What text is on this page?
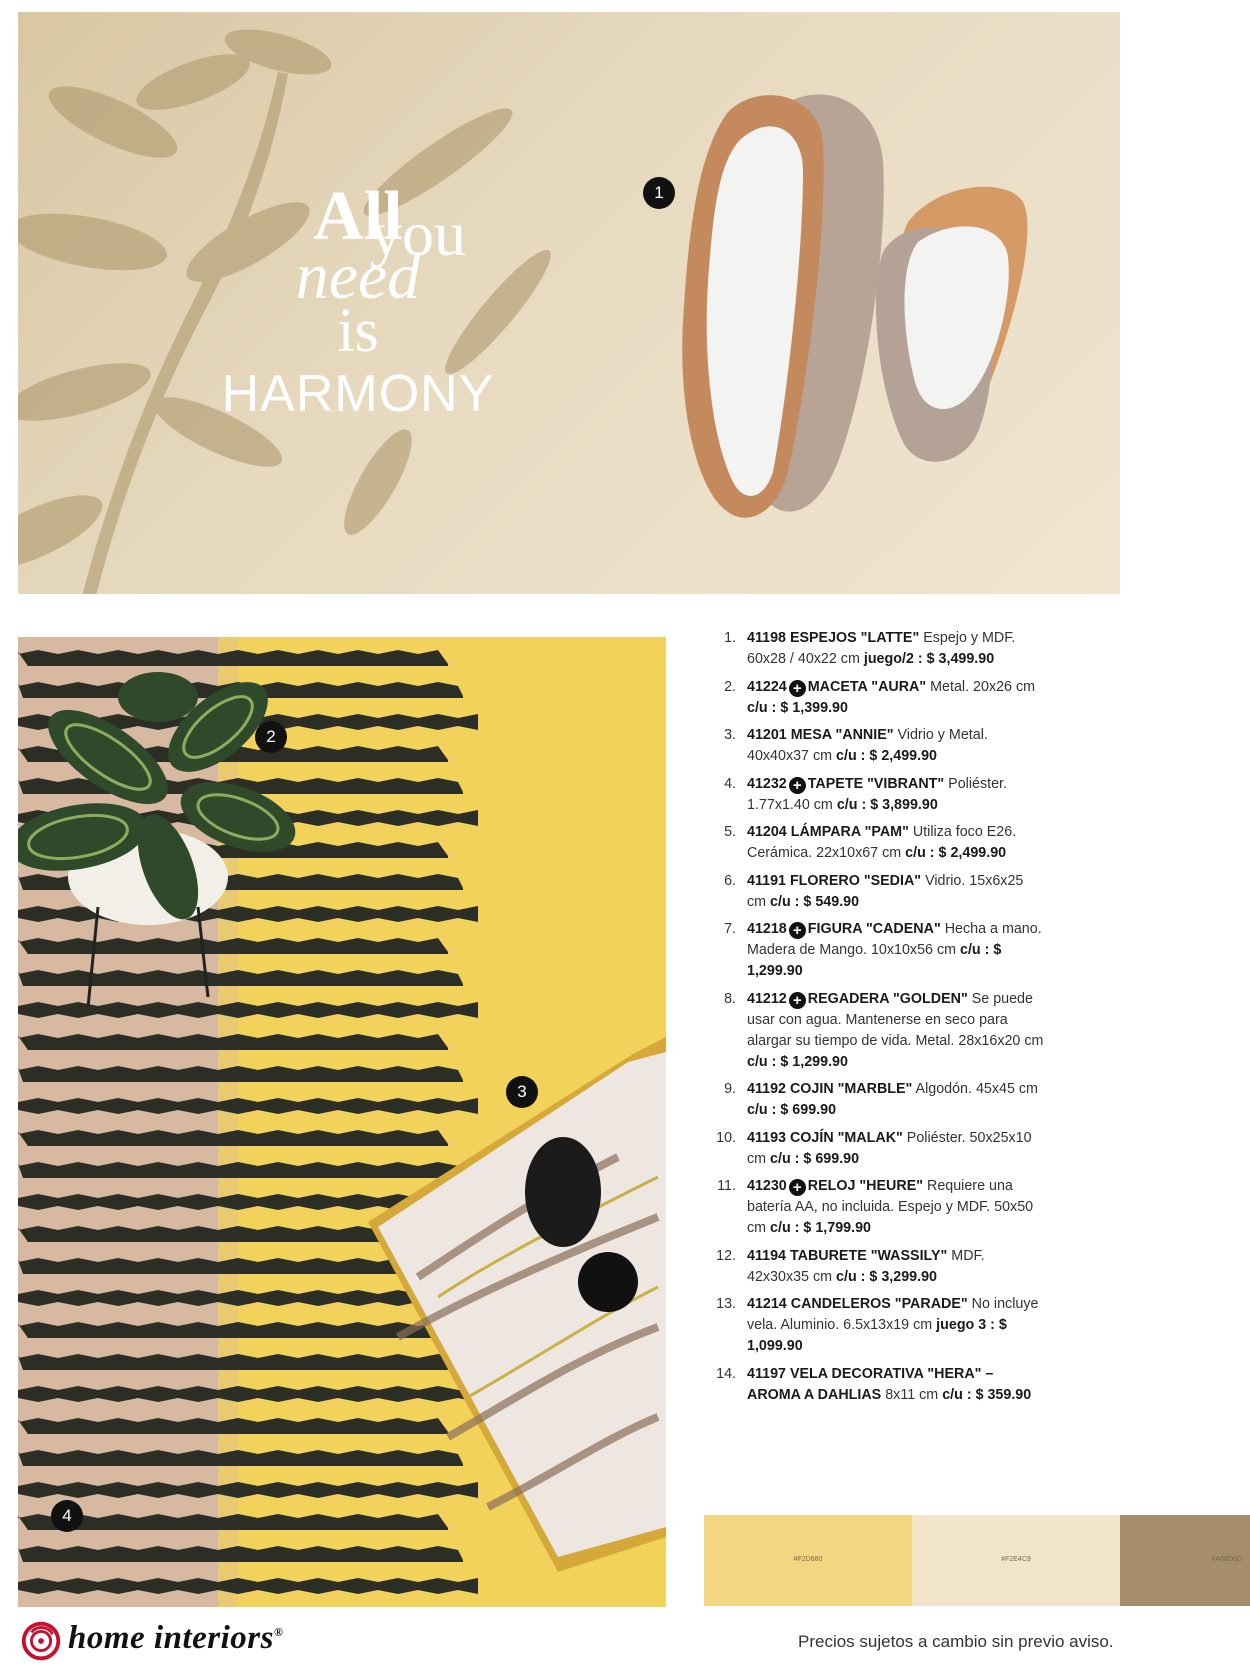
All
you
need
is
HARMONY
1
2
3
4
1. 41198 ESPEJOS "LATTE" Espejo y MDF. 60x28 / 40x22 cm juego/2 : $ 3,499.90
2. 41224 + MACETA "AURA" Metal. 20x26 cm c/u : $ 1,399.90
3. 41201 MESA "ANNIE" Vidrio y Metal. 40x40x37 cm c/u : $ 2,499.90
4. 41232 + TAPETE "VIBRANT" Poliéster. 1.77x1.40 cm c/u : $ 3,899.90
5. 41204 LÁMPARA "PAM" Utiliza foco E26. Cerámica. 22x10x67 cm c/u : $ 2,499.90
6. 41191 FLORERO "SEDIA" Vidrio. 15x6x25 cm c/u : $ 549.90
7. 41218 + FIGURA "CADENA" Hecha a mano. Madera de Mango. 10x10x56 cm c/u : $ 1,299.90
8. 41212 + REGADERA "GOLDEN" Se puede usar con agua. Mantenerse en seco para alargar su tiempo de vida. Metal. 28x16x20 cm c/u : $ 1,299.90
9. 41192 COJIN "MARBLE" Algodón. 45x45 cm c/u : $ 699.90
10. 41193 COJÍN "MALAK" Poliéster. 50x25x10 cm c/u : $ 699.90
11. 41230 + RELOJ "HEURE" Requiere una batería AA, no incluida. Espejo y MDF. 50x50 cm c/u : $ 1,799.90
12. 41194 TABURETE "WASSILY" MDF. 42x30x35 cm c/u : $ 3,299.90
13. 41214 CANDELEROS "PARADE" No incluye vela. Aluminio. 6.5x13x19 cm juego 3 : $ 1,099.90
14. 41197 VELA DECORATIVA "HERA" – AROMA A DAHLIAS 8x11 cm c/u : $ 359.90
#F2D680	#F2E4C9	#A68D6D
home interiors®	Precios sujetos a cambio sin previo aviso.
